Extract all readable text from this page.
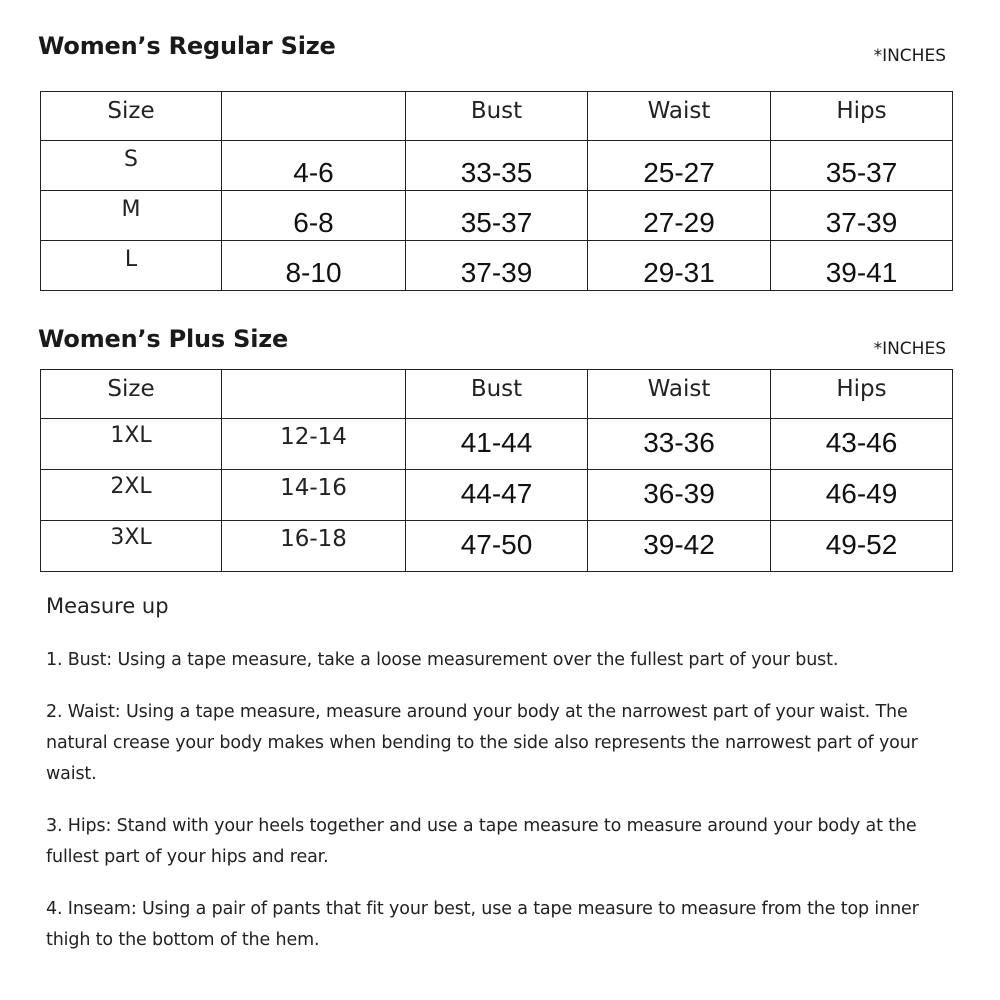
Women’s Regular Size	*INCHES
Size		Bust	Waist	Hips

S	4-6	33-35	25-27	35-37

M	6-8	35-37	27-29	37-39

L	8-10	37-39	29-31	39-41
Women’s Plus Size	*INCHES
Size		Bust	Waist	Hips

1XL	12-14	41-44	33-36	43-46

2XL	14-16	44-47	36-39	46-49

3XL	16-18	47-50	39-42	49-52
Measure up
1. Bust: Using a tape measure, take a loose measurement over the fullest part of your bust.
2. Waist: Using a tape measure, measure around your body at the narrowest part of your waist. The natural crease your body makes when bending to the side also represents the narrowest part of your waist.
3. Hips: Stand with your heels together and use a tape measure to measure around your body at the fullest part of your hips and rear.
4. Inseam: Using a pair of pants that fit your best, use a tape measure to measure from the top inner thigh to the bottom of the hem.
